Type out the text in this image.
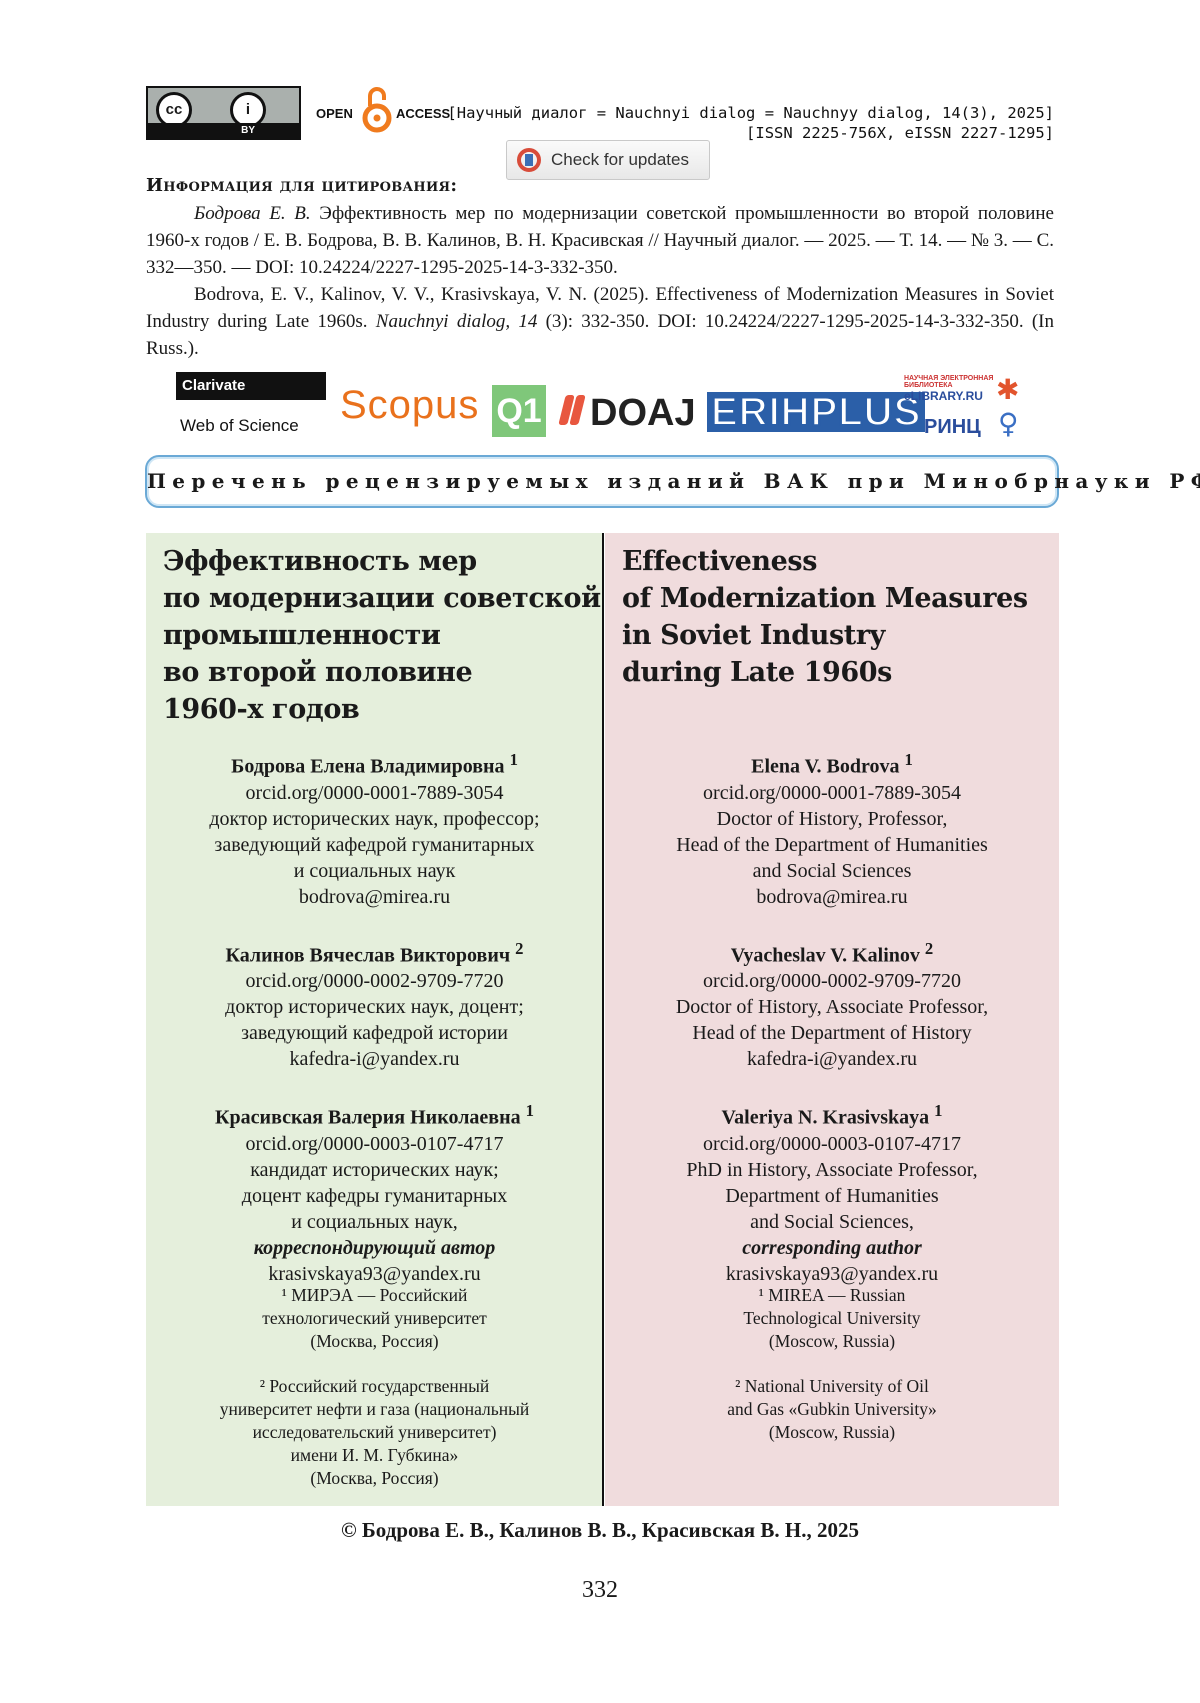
cc	i
BY
OPEN	ACCESS
[Научный диалог = Nauchnyi dialog = Nauchnyy dialog, 14(3), 2025]
[ISSN 2225-756X, eISSN 2227-1295]
Check for updates
Информация для цитирования:

Бодрова Е. В. Эффективность мер по модернизации советской промышленности во второй половине 1960-х годов / Е. В. Бодрова, В. В. Калинов, В. Н. Красивская // Научный диалог. — 2025. — Т. 14. — № 3. — С. 332—350. — DOI: 10.24224/2227-1295-2025-14-3-332-350.

Bodrova, E. V., Kalinov, V. V., Krasivskaya, V. N. (2025). Effectiveness of Modernization Measures in Soviet Industry during Late 1960s. Nauchnyi dialog, 14 (3): 332-350. DOI: 10.24224/2227-1295-2025-14-3-332-350. (In Russ.).

Clarivate
Web of Science Scopus Q1 DOAJ ERIHPLUS
НАУЧНАЯ ЭЛЕКТРОННАЯ БИБЛИОТЕКА
eLIBRARY.RU
РИНЦ
✱
♀
Перечень рецензируемых изданий ВАК при Минобрнауки РФ
Эффективность мер
по модернизации советской
промышленности
во второй половине
1960-х годов
Бодрова Елена Владимировна 1
orcid.org/0000-0001-7889-3054
доктор исторических наук, профессор;
заведующий кафедрой гуманитарных
и социальных наук
bodrova@mirea.ru
Калинов Вячеслав Викторович 2
orcid.org/0000-0002-9709-7720
доктор исторических наук, доцент;
заведующий кафедрой истории
kafedra-i@yandex.ru
Красивская Валерия Николаевна 1
orcid.org/0000-0003-0107-4717
кандидат исторических наук;
доцент кафедры гуманитарных
и социальных наук,
корреспондирующий автор
krasivskaya93@yandex.ru
¹ МИРЭА — Российский
технологический университет
(Москва, Россия)
² Российский государственный
университет нефти и газа (национальный
исследовательский университет)
имени И. М. Губкина»
(Москва, Россия)
Effectiveness
of Modernization Measures
in Soviet Industry
during Late 1960s
Elena V. Bodrova 1
orcid.org/0000-0001-7889-3054
Doctor of History, Professor,
Head of the Department of Humanities
and Social Sciences
bodrova@mirea.ru
Vyacheslav V. Kalinov 2
orcid.org/0000-0002-9709-7720
Doctor of History, Associate Professor,
Head of the Department of History
kafedra-i@yandex.ru
Valeriya N. Krasivskaya 1
orcid.org/0000-0003-0107-4717
PhD in History, Associate Professor,
Department of Humanities
and Social Sciences,
corresponding author
krasivskaya93@yandex.ru
¹ MIREA — Russian
Technological University
(Moscow, Russia)
² National University of Oil
and Gas «Gubkin University»
(Moscow, Russia)
© Бодрова Е. В., Калинов В. В., Красивская В. Н., 2025
332
